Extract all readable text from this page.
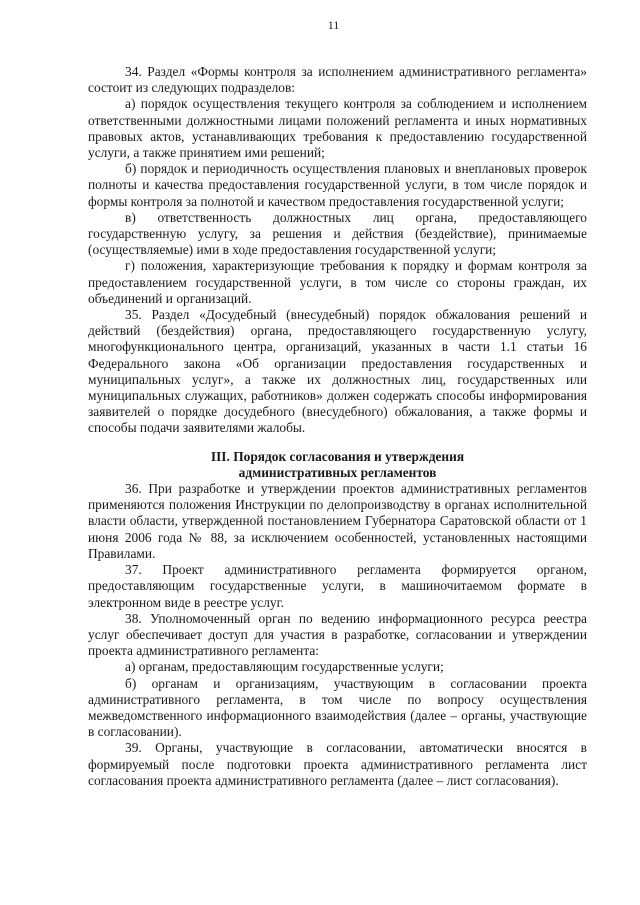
11

34. Раздел «Формы контроля за исполнением административного регламента» состоит из следующих подразделов:

а) порядок осуществления текущего контроля за соблюдением и исполнением ответственными должностными лицами положений регламента и иных нормативных правовых актов, устанавливающих требования к предоставлению государственной услуги, а также принятием ими решений;

б) порядок и периодичность осуществления плановых и внеплановых проверок полноты и качества предоставления государственной услуги, в том числе порядок и формы контроля за полнотой и качеством предоставления государственной услуги;

в) ответственность должностных лиц органа, предоставляющего государственную услугу, за решения и действия (бездействие), принимаемые (осуществляемые) ими в ходе предоставления государственной услуги;

г) положения, характеризующие требования к порядку и формам контроля за предоставлением государственной услуги, в том числе со стороны граждан, их объединений и организаций.

35. Раздел «Досудебный (внесудебный) порядок обжалования решений и действий (бездействия) органа, предоставляющего государственную услугу, многофункционального центра, организаций, указанных в части 1.1 статьи 16 Федерального закона «Об организации предоставления государственных и муниципальных услуг», а также их должностных лиц, государственных или муниципальных служащих, работников» должен содержать способы информирования заявителей о порядке досудебного (внесудебного) обжалования, а также формы и способы подачи заявителями жалобы.

III. Порядок согласования и утверждения
административных регламентов

36. При разработке и утверждении проектов административных регламентов применяются положения Инструкции по делопроизводству в органах исполнительной власти области, утвержденной постановлением Губернатора Саратовской области от 1 июня 2006 года № 88, за исключением особенностей, установленных настоящими Правилами.

37. Проект административного регламента формируется органом, предоставляющим государственные услуги, в машиночитаемом формате в электронном виде в реестре услуг.

38. Уполномоченный орган по ведению информационного ресурса реестра услуг обеспечивает доступ для участия в разработке, согласовании и утверждении проекта административного регламента:

а) органам, предоставляющим государственные услуги;

б) органам и организациям, участвующим в согласовании проекта административного регламента, в том числе по вопросу осуществления межведомственного информационного взаимодействия (далее – органы, участвующие в согласовании).

39. Органы, участвующие в согласовании, автоматически вносятся в формируемый после подготовки проекта административного регламента лист согласования проекта административного регламента (далее – лист согласования).
